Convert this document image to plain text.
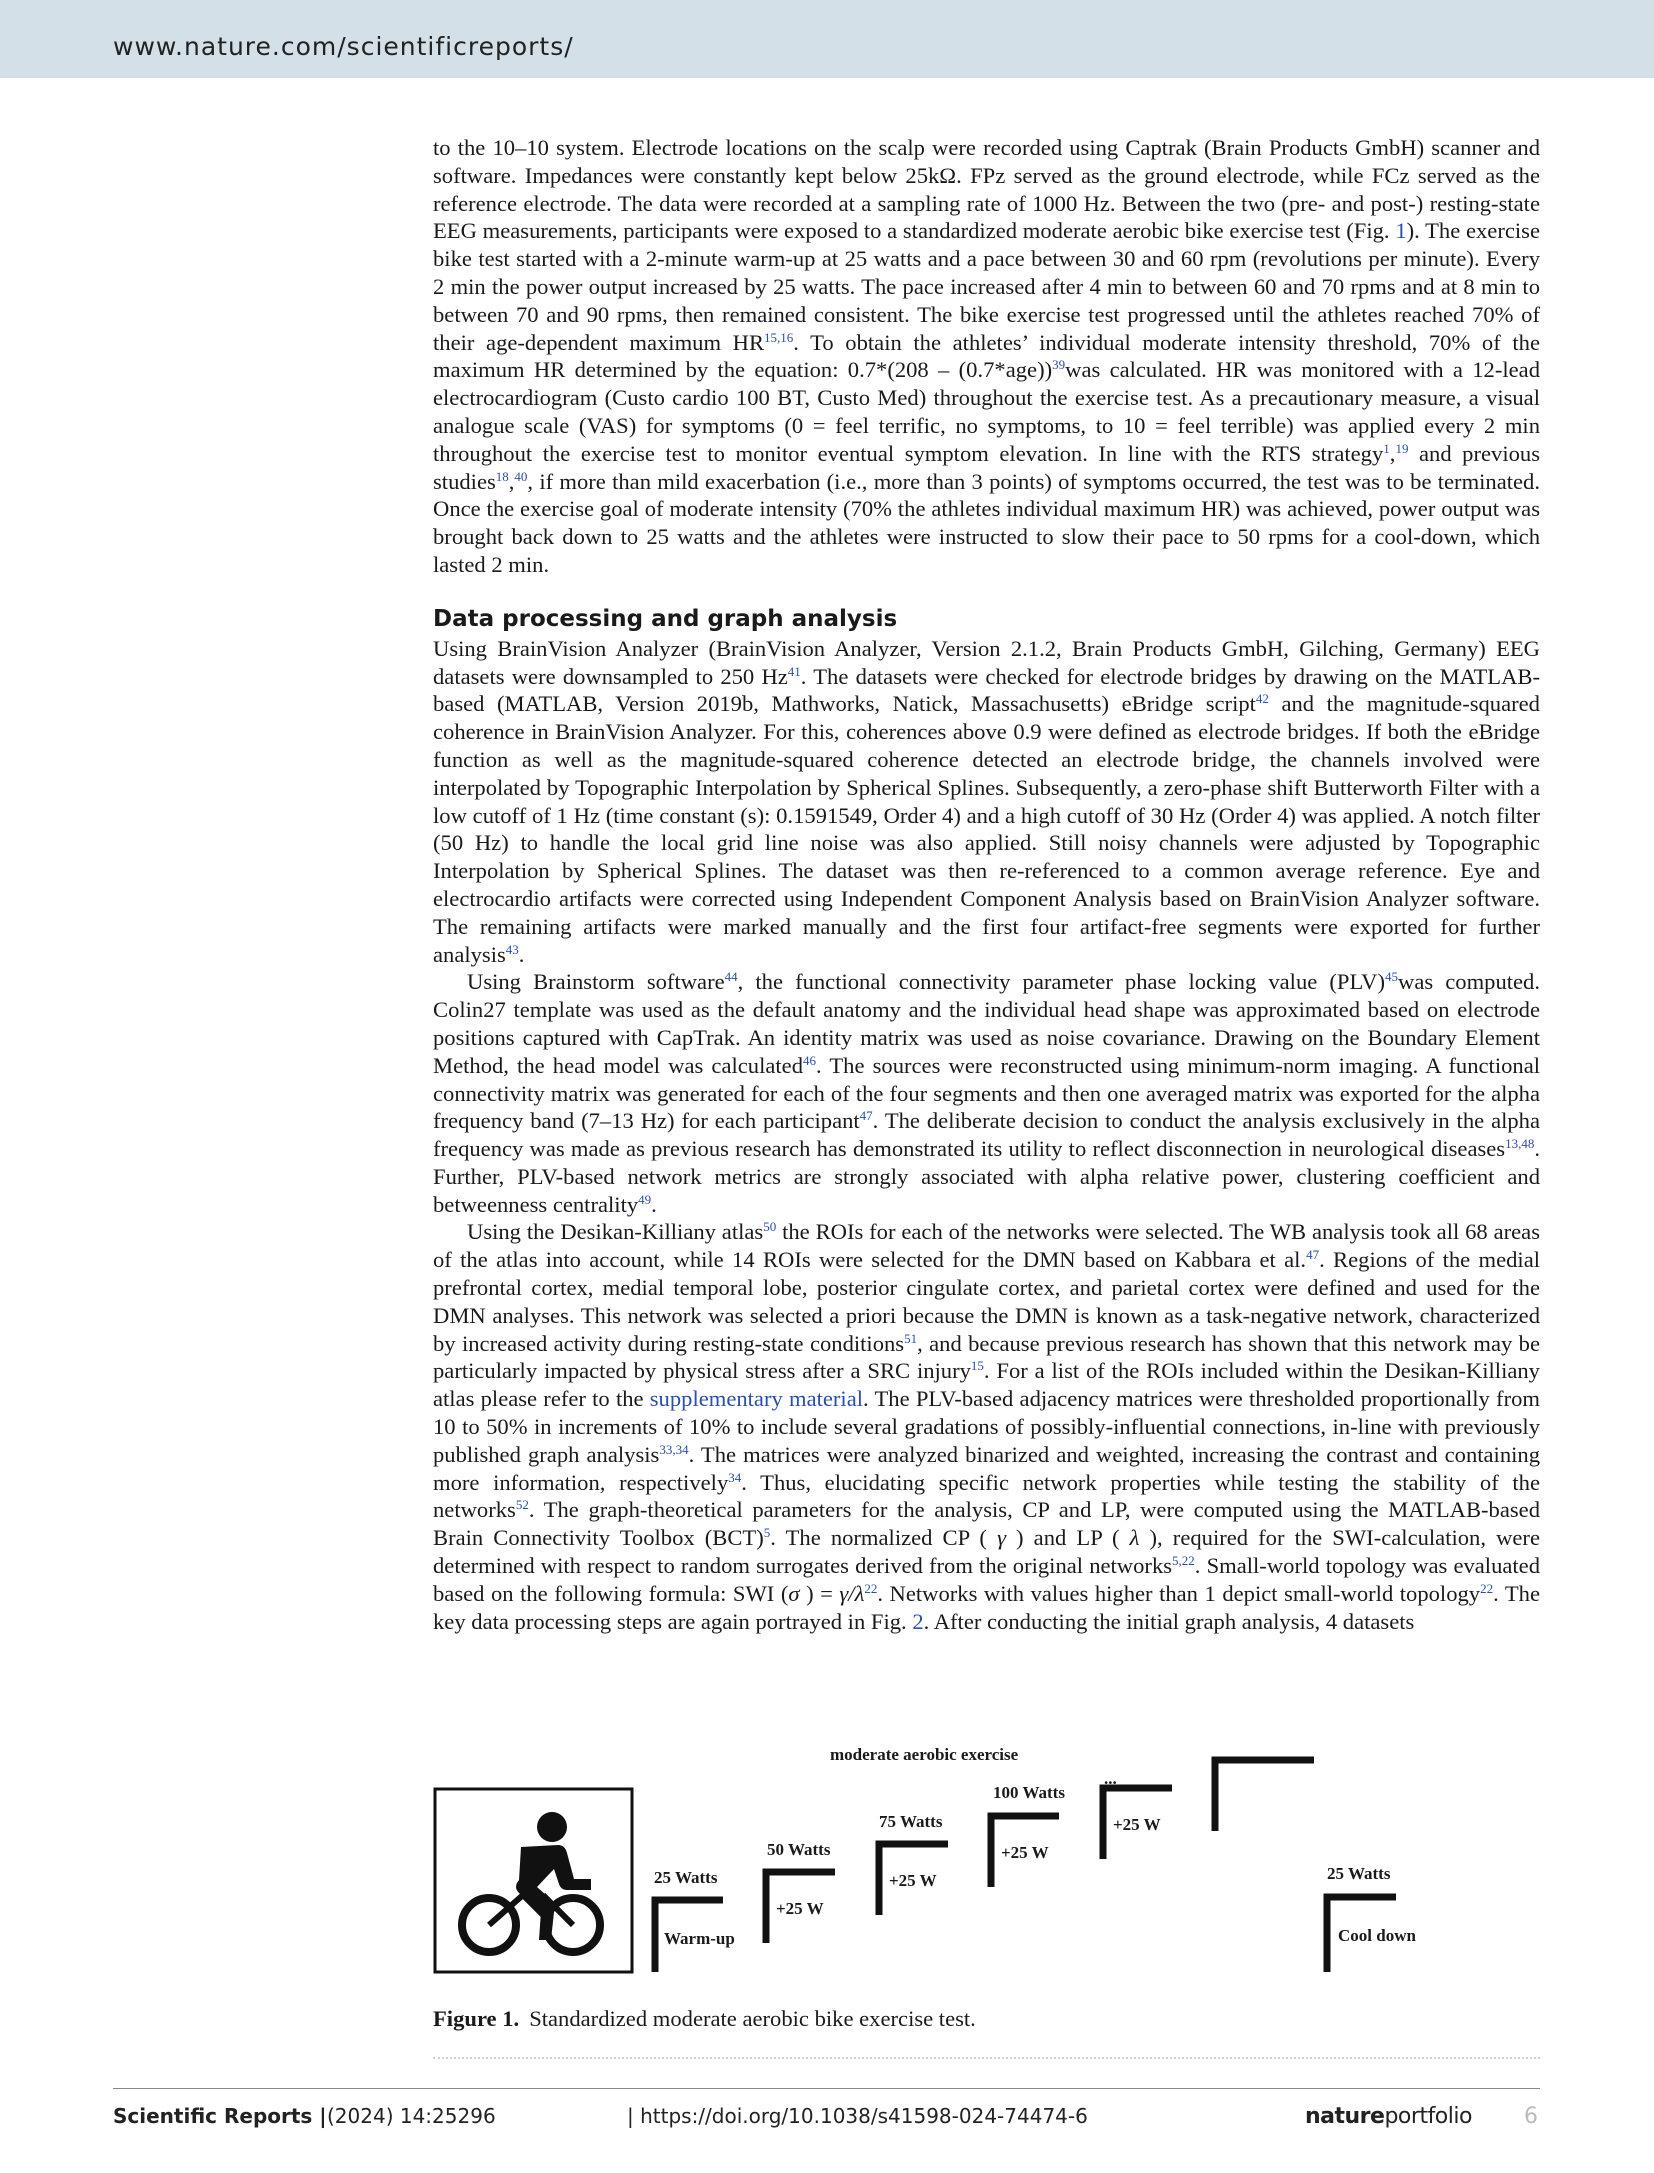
www.nature.com/scientificreports/

to the 10–10 system. Electrode locations on the scalp were recorded using Captrak (Brain Products GmbH) scanner and software. Impedances were constantly kept below 25kΩ. FPz served as the ground electrode, while FCz served as the reference electrode. The data were recorded at a sampling rate of 1000 Hz. Between the two (pre- and post-) resting-state EEG measurements, participants were exposed to a standardized moderate aerobic bike exercise test (Fig. 1). The exercise bike test started with a 2-minute warm-up at 25 watts and a pace between 30 and 60 rpm (revolutions per minute). Every 2 min the power output increased by 25 watts. The pace increased after 4 min to between 60 and 70 rpms and at 8 min to between 70 and 90 rpms, then remained consistent. The bike exercise test progressed until the athletes reached 70% of their age-dependent maximum HR$^{15,16}$. To obtain the athletes’ individual moderate intensity threshold, 70% of the maximum HR determined by the equation: 0.7*(208 – (0.7*age))$^{39}$was calculated. HR was monitored with a 12-lead electrocardiogram (Custo cardio 100 BT, Custo Med) throughout the exercise test. As a precautionary measure, a visual analogue scale (VAS) for symptoms (0 = feel terrific, no symptoms, to 10 = feel terrible) was applied every 2 min throughout the exercise test to monitor eventual symptom elevation. In line with the RTS strategy$^1$,$^{19}$ and previous studies$^{18}$,$^{40}$, if more than mild exacerbation (i.e., more than 3 points) of symptoms occurred, the test was to be terminated. Once the exercise goal of moderate intensity (70% the athletes individual maximum HR) was achieved, power output was brought back down to 25 watts and the athletes were instructed to slow their pace to 50 rpms for a cool-down, which lasted 2 min.

Data processing and graph analysis

Using BrainVision Analyzer (BrainVision Analyzer, Version 2.1.2, Brain Products GmbH, Gilching, Germany) EEG datasets were downsampled to 250 Hz$^{41}$. The datasets were checked for electrode bridges by drawing on the MATLAB-based (MATLAB, Version 2019b, Mathworks, Natick, Massachusetts) eBridge script$^{42}$ and the magnitude-squared coherence in BrainVision Analyzer. For this, coherences above 0.9 were defined as electrode bridges. If both the eBridge function as well as the magnitude-squared coherence detected an electrode bridge, the channels involved were interpolated by Topographic Interpolation by Spherical Splines. Subsequently, a zero-phase shift Butterworth Filter with a low cutoff of 1 Hz (time constant (s): 0.1591549, Order 4) and a high cutoff of 30 Hz (Order 4) was applied. A notch filter (50 Hz) to handle the local grid line noise was also applied. Still noisy channels were adjusted by Topographic Interpolation by Spherical Splines. The dataset was then re-referenced to a common average reference. Eye and electrocardio artifacts were corrected using Independent Component Analysis based on BrainVision Analyzer software. The remaining artifacts were marked manually and the first four artifact-free segments were exported for further analysis$^{43}$.

Using Brainstorm software$^{44}$, the functional connectivity parameter phase locking value (PLV)$^{45}$was computed. Colin27 template was used as the default anatomy and the individual head shape was approximated based on electrode positions captured with CapTrak. An identity matrix was used as noise covariance. Drawing on the Boundary Element Method, the head model was calculated$^{46}$. The sources were reconstructed using minimum-norm imaging. A functional connectivity matrix was generated for each of the four segments and then one averaged matrix was exported for the alpha frequency band (7–13 Hz) for each participant$^{47}$. The deliberate decision to conduct the analysis exclusively in the alpha frequency was made as previous research has demonstrated its utility to reflect disconnection in neurological diseases$^{13,48}$. Further, PLV-based network metrics are strongly associated with alpha relative power, clustering coefficient and betweenness centrality$^{49}$.

Using the Desikan-Killiany atlas$^{50}$ the ROIs for each of the networks were selected. The WB analysis took all 68 areas of the atlas into account, while 14 ROIs were selected for the DMN based on Kabbara et al.$^{47}$. Regions of the medial prefrontal cortex, medial temporal lobe, posterior cingulate cortex, and parietal cortex were defined and used for the DMN analyses. This network was selected a priori because the DMN is known as a task-negative network, characterized by increased activity during resting-state conditions$^{51}$, and because previous research has shown that this network may be particularly impacted by physical stress after a SRC injury$^{15}$. For a list of the ROIs included within the Desikan-Killiany atlas please refer to the supplementary material. The PLV-based adjacency matrices were thresholded proportionally from 10 to 50% in increments of 10% to include several gradations of possibly-influential connections, in-line with previously published graph analysis$^{33,34}$. The matrices were analyzed binarized and weighted, increasing the contrast and containing more information, respectively$^{34}$. Thus, elucidating specific network properties while testing the stability of the networks$^{52}$. The graph-theoretical parameters for the analysis, CP and LP, were computed using the MATLAB-based Brain Connectivity Toolbox (BCT)$^5$. The normalized CP ( γ ) and LP ( λ ), required for the SWI-calculation, were determined with respect to random surrogates derived from the original networks$^{5,22}$. Small-world topology was evaluated based on the following formula: SWI (σ ) = $\gamma/\lambda^{22}$. Networks with values higher than 1 depict small-world topology$^{22}$. The key data processing steps are again portrayed in Fig. 2. After conducting the initial graph analysis, 4 datasets

moderate aerobic exercise
...
25 Watts
Warm-up
50 Watts
+25 W
75 Watts
+25 W
100 Watts
+25 W
+25 W
25 Watts
Cool down
Figure 1. Standardized moderate aerobic bike exercise test.
Scientific Reports | (2024) 14:25296	| https://doi.org/10.1038/s41598-024-74474-6	natureportfolio 6
